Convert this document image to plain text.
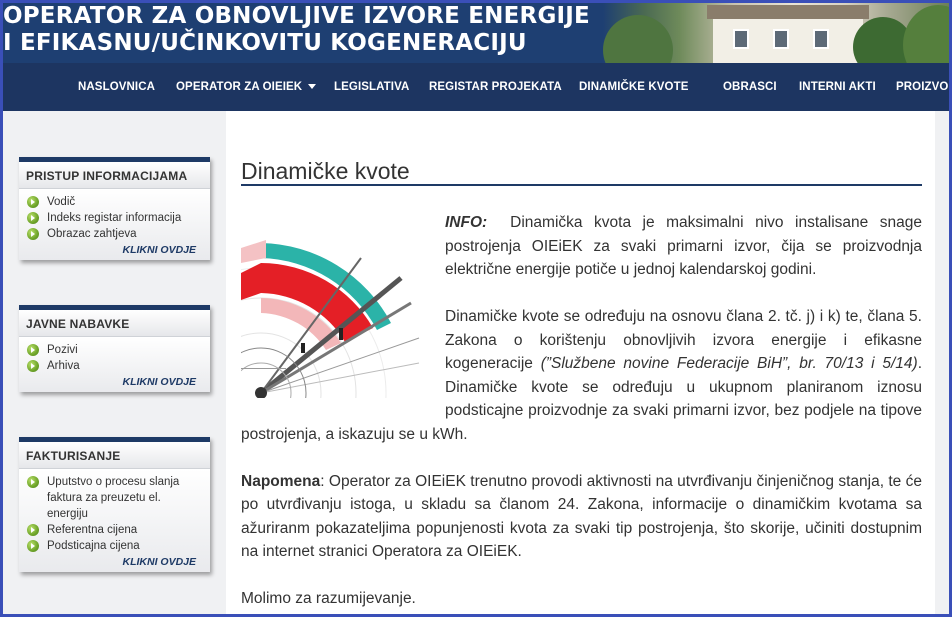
OPERATOR ZA OBNOVLJIVE IZVORE ENERGIJE
I EFIKASNU/UČINKOVITU KOGENERACIJU
NASLOVNICA OPERATOR ZA OIEIEK	LEGISLATIVA REGISTAR PROJEKATA DINAMIČKE KVOTE	OBRASCI INTERNI AKTI PROIZVO
PRISTUP INFORMACIJAMA
Vodič
Indeks registar informacija
Obrazac zahtjeva
KLIKNI OVDJE
JAVNE NABAVKE
Pozivi
Arhiva
KLIKNI OVDJE
FAKTURISANJE
Uputstvo o procesu slanja faktura za preuzetu el. energiju
Referentna cijena
Podsticajna cijena
KLIKNI OVDJE
Dinamičke kvote
INFO: Dinamička kvota je maksimalni nivo instalisane snage postrojenja OIEiEK za svaki primarni izvor, čija se proizvodnja električne energije potiče u jednoj kalendarskoj godini.
Dinamičke kvote se određuju na osnovu člana 2. tč. j) i k) te, člana 5. Zakona o korištenju obnovljivih izvora energije i efikasne kogeneracije (”Službene novine Federacije BiH”, br. 70/13 i 5/14). Dinamičke kvote se određuju u ukupnom planiranom iznosu podsticajne proizvodnje za svaki primarni izvor, bez podjele na tipove postrojenja, a iskazuju se u kWh.
Napomena: Operator za OIEiEK trenutno provodi aktivnosti na utvrđivanju činjeničnog stanja, te će po utvrđivanju istoga, u skladu sa članom 24. Zakona, informacije o dinamičkim kvotama sa ažuriranm pokazateljima popunjenosti kvota za svaki tip postrojenja, što skorije, učiniti dostupnim na internet stranici Operatora za OIEiEK.
Molimo za razumijevanje.
